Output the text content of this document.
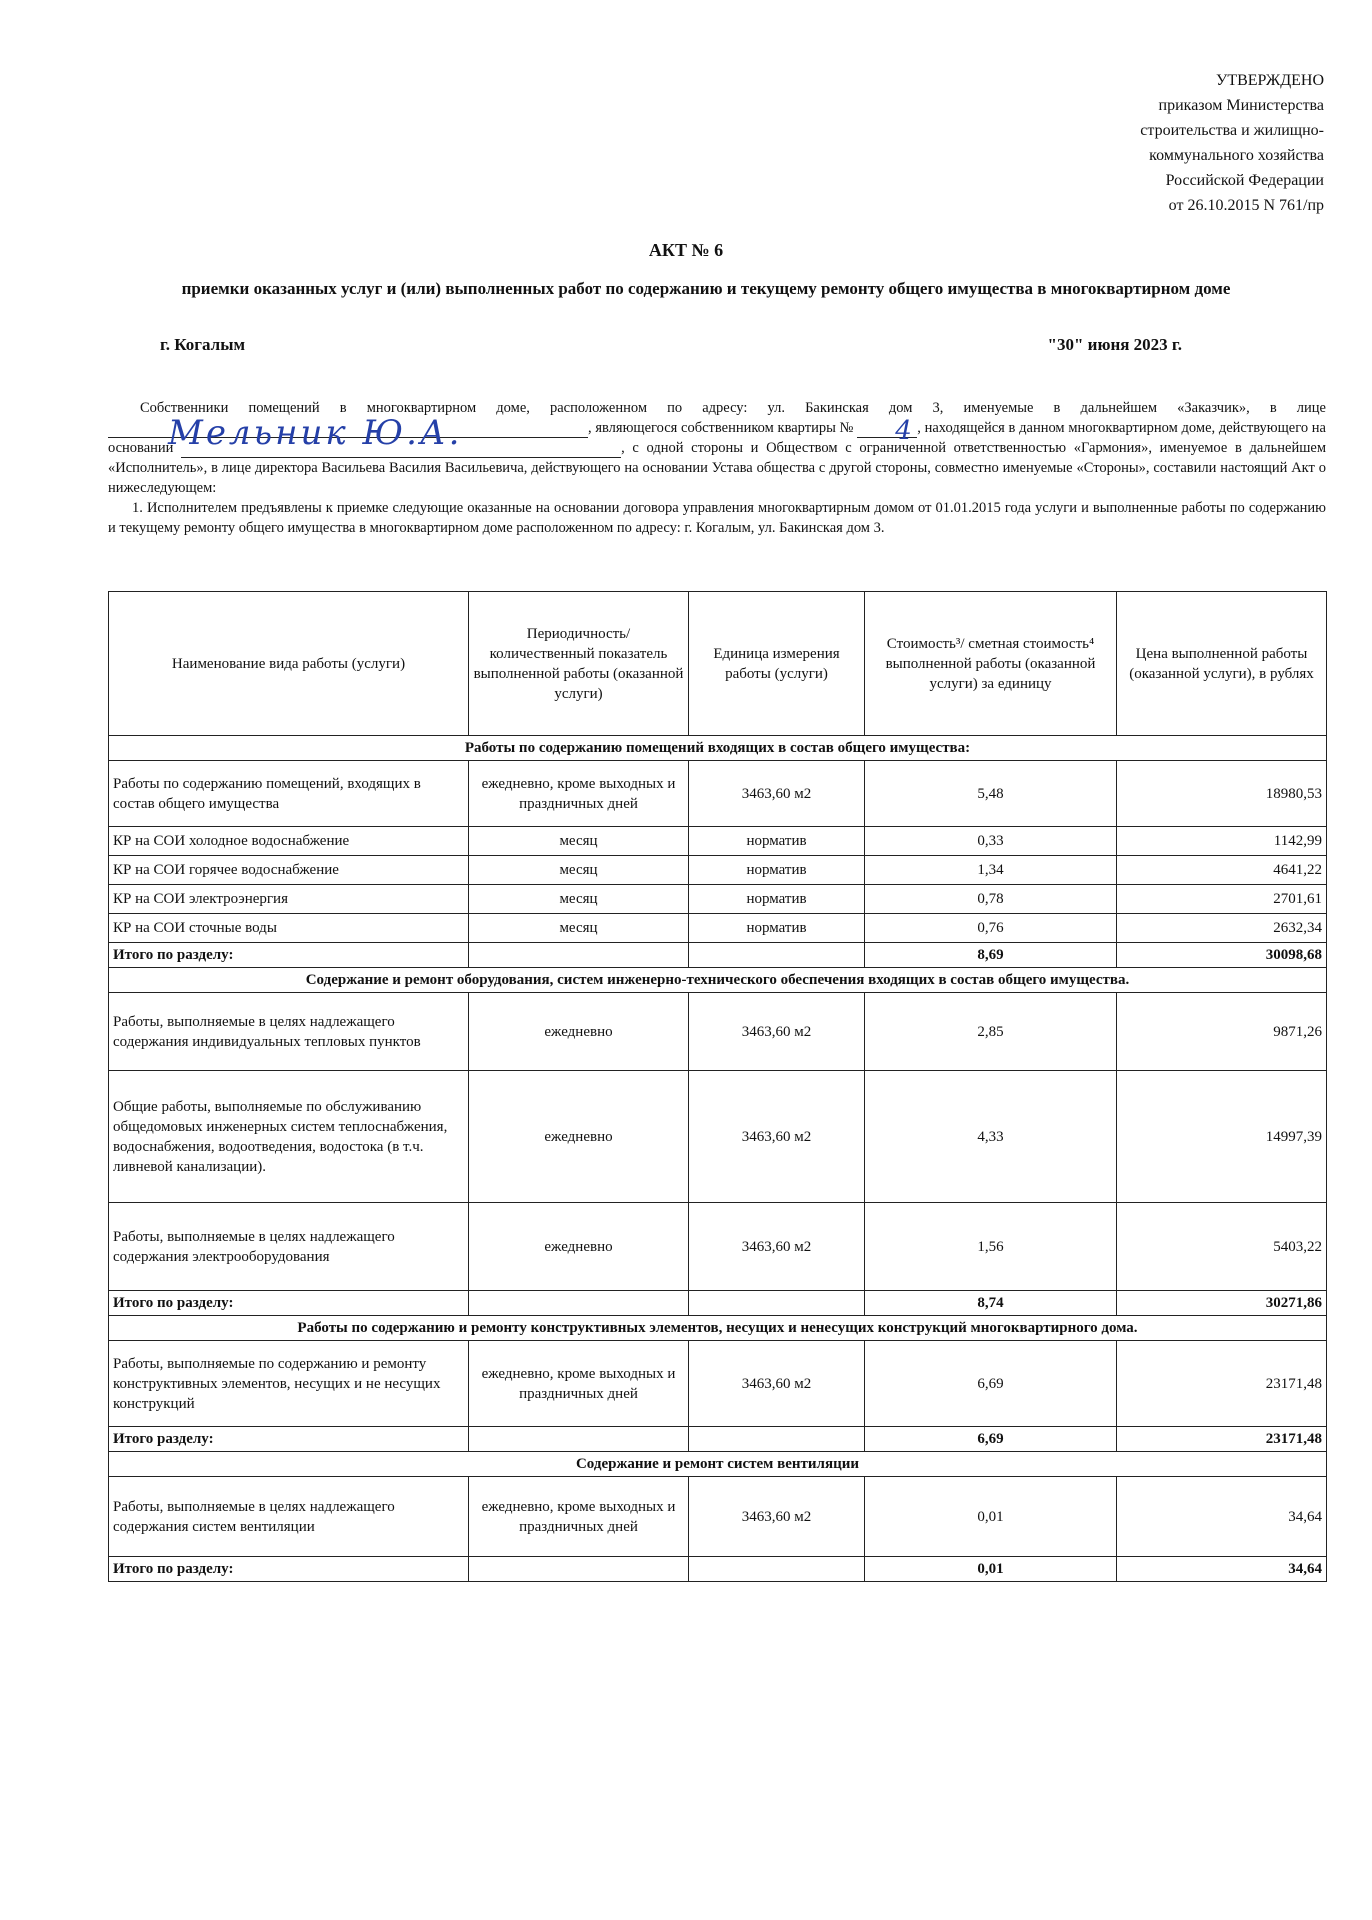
УТВЕРЖДЕНО
приказом Министерства
строительства и жилищно-
коммунального хозяйства
Российской Федерации
от 26.10.2015 N 761/пр
АКТ № 6
приемки оказанных услуг и (или) выполненных работ по содержанию и текущему ремонту общего имущества в многоквартирном доме
г. Когалым	"30" июня 2023 г.
Собственники помещений в многоквартирном доме, расположенном по адресу: ул. Бакинская дом 3, именуемые в дальнейшем «Заказчик», в лице
Мельник Ю.А.	, являющегося собственником квартиры № 4 , находящейся в данном многоквартирном доме, действующего на основании	, с одной стороны и Обществом с ограниченной ответственностью «Гармония», именуемое в дальнейшем «Исполнитель», в лице директора Васильева Василия Васильевича, действующего на основании Устава общества с другой стороны, совместно именуемые «Стороны», составили настоящий Акт о нижеследующем:
1. Исполнителем предъявлены к приемке следующие оказанные на основании договора управления многоквартирным домом от 01.01.2015 года услуги и выполненные работы по содержанию и текущему ремонту общего имущества в многоквартирном доме расположенном по адресу: г. Когалым, ул. Бакинская дом 3.
Наименование вида работы (услуги)	Периодичность/ количественный показатель выполненной работы (оказанной услуги)	Единица измерения работы (услуги)	Стоимость³/ сметная стоимость⁴ выполненной работы (оказанной услуги) за единицу	Цена выполненной работы (оказанной услуги), в рублях
Работы по содержанию помещений входящих в состав общего имущества:				
Работы по содержанию помещений, входящих в состав общего имущества	ежедневно, кроме выходных и праздничных дней	3463,60 м2	5,48	18980,53
КР на СОИ холодное водоснабжение	месяц	норматив	0,33	1142,99
КР на СОИ горячее водоснабжение	месяц	норматив	1,34	4641,22
КР на СОИ электроэнергия	месяц	норматив	0,78	2701,61
КР на СОИ сточные воды	месяц	норматив	0,76	2632,34
Итого по разделу:			8,69	30098,68
Содержание и ремонт оборудования, систем инженерно-технического обеспечения входящих в состав общего имущества.				
Работы, выполняемые в целях надлежащего содержания индивидуальных тепловых пунктов	ежедневно	3463,60 м2	2,85	9871,26
Общие работы, выполняемые по обслуживанию общедомовых инженерных систем теплоснабжения, водоснабжения, водоотведения, водостока (в т.ч. ливневой канализации).	ежедневно	3463,60 м2	4,33	14997,39
Работы, выполняемые в целях надлежащего содержания электрооборудования	ежедневно	3463,60 м2	1,56	5403,22
Итого по разделу:			8,74	30271,86
Работы по содержанию и ремонту конструктивных элементов, несущих и ненесущих конструкций многоквартирного дома.				
Работы, выполняемые по содержанию и ремонту конструктивных элементов, несущих и не несущих конструкций	ежедневно, кроме выходных и праздничных дней	3463,60 м2	6,69	23171,48
Итого разделу:			6,69	23171,48
Содержание и ремонт систем вентиляции				
Работы, выполняемые в целях надлежащего содержания систем вентиляции	ежедневно, кроме выходных и праздничных дней	3463,60 м2	0,01	34,64
Итого по разделу:			0,01	34,64
